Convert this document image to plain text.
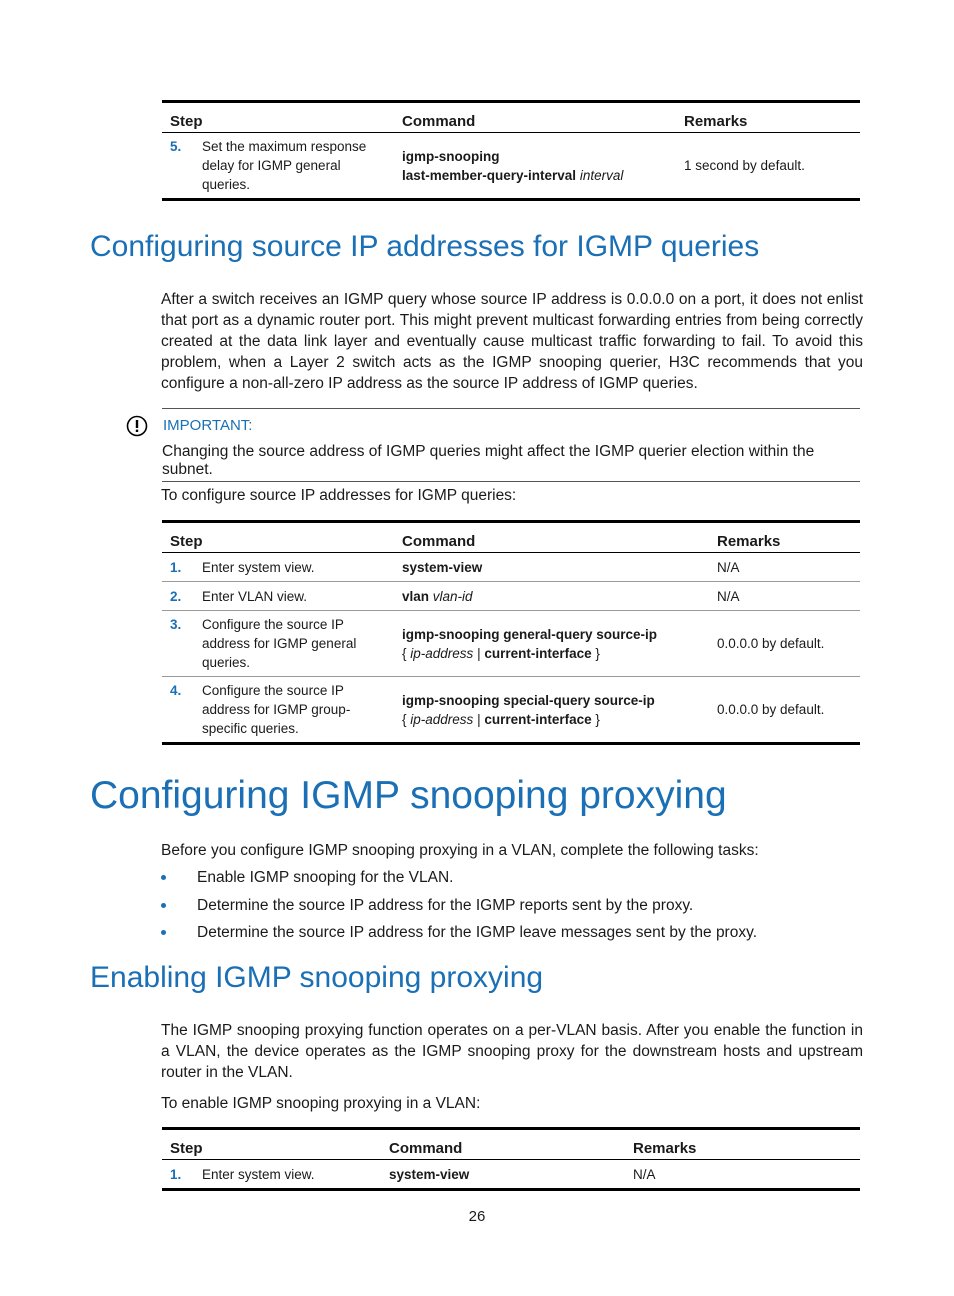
Step	Command	Remarks

5. Set the maximum response delay for IGMP general queries.	igmp-snooping
last-member-query-interval interval	1 second by default.
Configuring source IP addresses for IGMP queries

After a switch receives an IGMP query whose source IP address is 0.0.0.0 on a port, it does not enlist that port as a dynamic router port. This might prevent multicast forwarding entries from being correctly created at the data link layer and eventually cause multicast traffic forwarding to fail. To avoid this problem, when a Layer 2 switch acts as the IGMP snooping querier, H3C recommends that you configure a non-all-zero IP address as the source IP address of IGMP queries.

IMPORTANT:
Changing the source address of IGMP queries might affect the IGMP querier election within the subnet.

To configure source IP addresses for IGMP queries:

Step	Command	Remarks

1. Enter system view.	system-view	N/A

2. Enter VLAN view.	vlan vlan-id	N/A

3. Configure the source IP address for IGMP general queries.	igmp-snooping general-query source-ip
{ ip-address | current-interface }	0.0.0.0 by default.

4. Configure the source IP address for IGMP group-specific queries.	igmp-snooping special-query source-ip
{ ip-address | current-interface }	0.0.0.0 by default.
Configuring IGMP snooping proxying

Before you configure IGMP snooping proxying in a VLAN, complete the following tasks:

Enable IGMP snooping for the VLAN.
Determine the source IP address for the IGMP reports sent by the proxy.
Determine the source IP address for the IGMP leave messages sent by the proxy.
Enabling IGMP snooping proxying

The IGMP snooping proxying function operates on a per-VLAN basis. After you enable the function in a VLAN, the device operates as the IGMP snooping proxy for the downstream hosts and upstream router in the VLAN.

To enable IGMP snooping proxying in a VLAN:

Step	Command	Remarks

1. Enter system view.	system-view	N/A
26
